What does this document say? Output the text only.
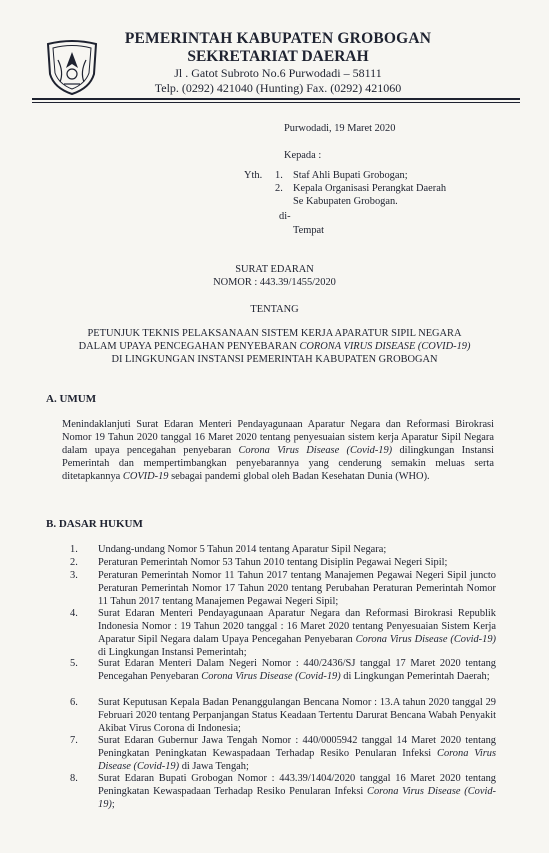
PEMERINTAH KABUPATEN GROBOGAN
SEKRETARIAT DAERAH
Jl . Gatot Subroto No.6 Purwodadi – 58111
Telp. (0292) 421040 (Hunting) Fax. (0292) 421060
Purwodadi, 19 Maret 2020
Kepada :
Yth. 1. Staf Ahli Bupati Grobogan;
2. Kepala Organisasi Perangkat Daerah
Se Kabupaten Grobogan.
di-
Tempat
SURAT EDARAN
NOMOR : 443.39/1455/2020
TENTANG
PETUNJUK TEKNIS PELAKSANAAN SISTEM KERJA APARATUR SIPIL NEGARA
DALAM UPAYA PENCEGAHAN PENYEBARAN CORONA VIRUS DISEASE (COVID-19)
DI LINGKUNGAN INSTANSI PEMERINTAH KABUPATEN GROBOGAN
A. UMUM
Menindaklanjuti Surat Edaran Menteri Pendayagunaan Aparatur Negara dan Reformasi Birokrasi Nomor 19 Tahun 2020 tanggal 16 Maret 2020 tentang penyesuaian sistem kerja Aparatur Sipil Negara dalam upaya pencegahan penyebaran Corona Virus Disease (Covid-19) dilingkungan Instansi Pemerintah dan mempertimbangkan penyebarannya yang cenderung semakin meluas serta ditetapkannya COVID-19 sebagai pandemi global oleh Badan Kesehatan Dunia (WHO).
B. DASAR HUKUM
1. Undang-undang Nomor 5 Tahun 2014 tentang Aparatur Sipil Negara;
2. Peraturan Pemerintah Nomor 53 Tahun 2010 tentang Disiplin Pegawai Negeri Sipil;
3. Peraturan Pemerintah Nomor 11 Tahun 2017 tentang Manajemen Pegawai Negeri Sipil juncto Peraturan Pemerintah Nomor 17 Tahun 2020 tentang Perubahan Peraturan Pemerintah Nomor 11 Tahun 2017 tentang Manajemen Pegawai Negeri Sipil;
4. Surat Edaran Menteri Pendayagunaan Aparatur Negara dan Reformasi Birokrasi Republik Indonesia Nomor : 19 Tahun 2020 tanggal : 16 Maret 2020 tentang Penyesuaian Sistem Kerja Aparatur Sipil Negara dalam Upaya Pencegahan Penyebaran Corona Virus Disease (Covid-19) di Lingkungan Instansi Pemerintah;
5. Surat Edaran Menteri Dalam Negeri Nomor : 440/2436/SJ tanggal 17 Maret 2020 tentang Pencegahan Penyebaran Corona Virus Disease (Covid-19) di Lingkungan Pemerintah Daerah;
6. Surat Keputusan Kepala Badan Penanggulangan Bencana Nomor : 13.A tahun 2020 tanggal 29 Februari 2020 tentang Perpanjangan Status Keadaan Tertentu Darurat Bencana Wabah Penyakit Akibat Virus Corona di Indonesia;
7. Surat Edaran Gubernur Jawa Tengah Nomor : 440/0005942 tanggal 14 Maret 2020 tentang Peningkatan Peningkatan Kewaspadaan Terhadap Resiko Penularan Infeksi Corona Virus Disease (Covid-19) di Jawa Tengah;
8. Surat Edaran Bupati Grobogan Nomor : 443.39/1404/2020 tanggal 16 Maret 2020 tentang Peningkatan Kewaspadaan Terhadap Resiko Penularan Infeksi Corona Virus Disease (Covid-19);
